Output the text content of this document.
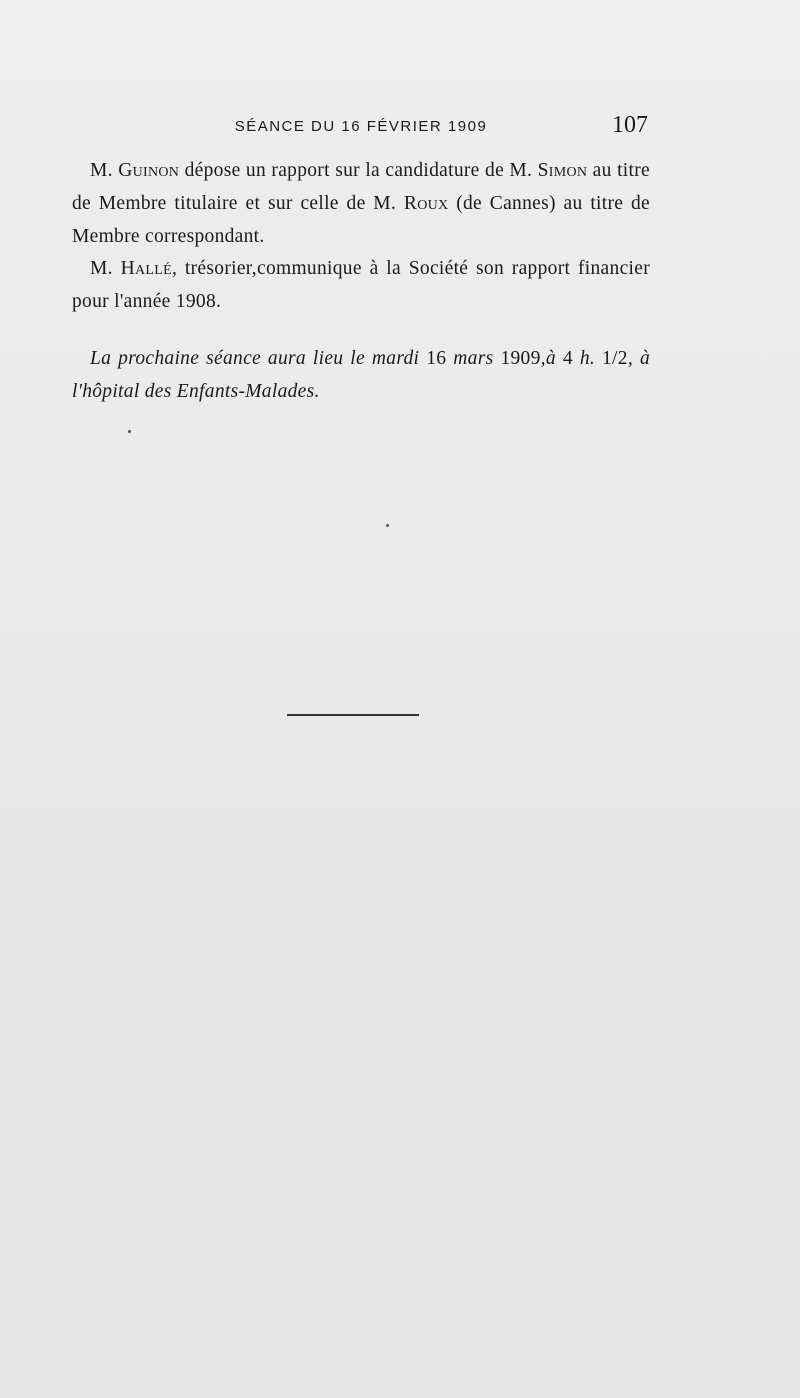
SÉANCE DU 16 FÉVRIER 1909	107

M. Guinon dépose un rapport sur la candidature de M. Simon au titre de Membre titulaire et sur celle de M. Roux (de Cannes) au titre de Membre correspondant.

M. Hallé, trésorier,communique à la Société son rapport financier pour l'année 1908.

La prochaine séance aura lieu le mardi 16 mars 1909,à 4 h. 1/2, à l'hôpital des Enfants-Malades.
